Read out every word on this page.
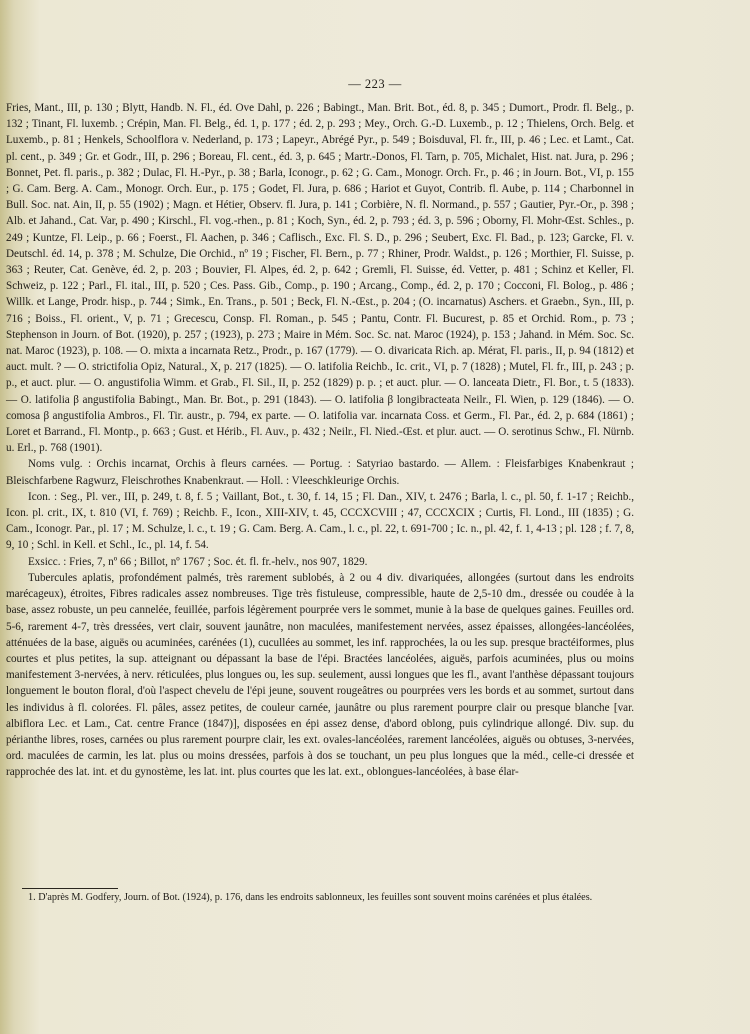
— 223 —

Fries, Mant., III, p. 130 ; Blytt, Handb. N. Fl., éd. Ove Dahl, p. 226 ; Babingt., Man. Brit. Bot., éd. 8, p. 345 ; Dumort., Prodr. fl. Belg., p. 132 ; Tinant, Fl. luxemb. ; Crépin, Man. Fl. Belg., éd. 1, p. 177 ; éd. 2, p. 293 ; Mey., Orch. G.-D. Luxemb., p. 12 ; Thielens, Orch. Belg. et Luxemb., p. 81 ; Henkels, Schoolflora v. Nederland, p. 173 ; Lapeyr., Abrégé Pyr., p. 549 ; Boisduval, Fl. fr., III, p. 46 ; Lec. et Lamt., Cat. pl. cent., p. 349 ; Gr. et Godr., III, p. 296 ; Boreau, Fl. cent., éd. 3, p. 645 ; Martr.-Donos, Fl. Tarn, p. 705, Michalet, Hist. nat. Jura, p. 296 ; Bonnet, Pet. fl. paris., p. 382 ; Dulac, Fl. H.-Pyr., p. 38 ; Barla, Iconogr., p. 62 ; G. Cam., Monogr. Orch. Fr., p. 46 ; in Journ. Bot., VI, p. 155 ; G. Cam. Berg. A. Cam., Monogr. Orch. Eur., p. 175 ; Godet, Fl. Jura, p. 686 ; Hariot et Guyot, Contrib. fl. Aube, p. 114 ; Charbonnel in Bull. Soc. nat. Ain, II, p. 55 (1902) ; Magn. et Hétier, Observ. fl. Jura, p. 141 ; Corbière, N. fl. Normand., p. 557 ; Gautier, Pyr.-Or., p. 398 ; Alb. et Jahand., Cat. Var, p. 490 ; Kirschl., Fl. vog.-rhen., p. 81 ; Koch, Syn., éd. 2, p. 793 ; éd. 3, p. 596 ; Oborny, Fl. Mohr-Œst. Schles., p. 249 ; Kuntze, Fl. Leip., p. 66 ; Foerst., Fl. Aachen, p. 346 ; Caflisch., Exc. Fl. S. D., p. 296 ; Seubert, Exc. Fl. Bad., p. 123; Garcke, Fl. v. Deutschl. éd. 14, p. 378 ; M. Schulze, Die Orchid., nº 19 ; Fischer, Fl. Bern., p. 77 ; Rhiner, Prodr. Waldst., p. 126 ; Morthier, Fl. Suisse, p. 363 ; Reuter, Cat. Genève, éd. 2, p. 203 ; Bouvier, Fl. Alpes, éd. 2, p. 642 ; Gremli, Fl. Suisse, éd. Vetter, p. 481 ; Schinz et Keller, Fl. Schweiz, p. 122 ; Parl., Fl. ital., III, p. 520 ; Ces. Pass. Gib., Comp., p. 190 ; Arcang., Comp., éd. 2, p. 170 ; Cocconi, Fl. Bolog., p. 486 ; Willk. et Lange, Prodr. hisp., p. 744 ; Simk., En. Trans., p. 501 ; Beck, Fl. N.-Œst., p. 204 ; (O. incarnatus) Aschers. et Graebn., Syn., III, p. 716 ; Boiss., Fl. orient., V, p. 71 ; Grecescu, Consp. Fl. Roman., p. 545 ; Pantu, Contr. Fl. Bucurest, p. 85 et Orchid. Rom., p. 73 ; Stephenson in Journ. of Bot. (1920), p. 257 ; (1923), p. 273 ; Maire in Mém. Soc. Sc. nat. Maroc (1924), p. 153 ; Jahand. in Mém. Soc. Sc. nat. Maroc (1923), p. 108. — O. mixta a incarnata Retz., Prodr., p. 167 (1779). — O. divaricata Rich. ap. Mérat, Fl. paris., II, p. 94 (1812) et auct. mult. ? — O. strictifolia Opiz, Natural., X, p. 217 (1825). — O. latifolia Reichb., Ic. crit., VI, p. 7 (1828) ; Mutel, Fl. fr., III, p. 243 ; p. p., et auct. plur. — O. angustifolia Wimm. et Grab., Fl. Sil., II, p. 252 (1829) p. p. ; et auct. plur. — O. lanceata Dietr., Fl. Bor., t. 5 (1833). — O. latifolia β angustifolia Babingt., Man. Br. Bot., p. 291 (1843). — O. latifolia β longibracteata Neilr., Fl. Wien, p. 129 (1846). — O. comosa β angustifolia Ambros., Fl. Tir. austr., p. 794, ex parte. — O. latifolia var. incarnata Coss. et Germ., Fl. Par., éd. 2, p. 684 (1861) ; Loret et Barrand., Fl. Montp., p. 663 ; Gust. et Hérib., Fl. Auv., p. 432 ; Neilr., Fl. Nied.-Œst. et plur. auct. — O. serotinus Schw., Fl. Nürnb. u. Erl., p. 768 (1901).

Noms vulg. : Orchis incarnat, Orchis à fleurs carnées. — Portug. : Satyriao bastardo. — Allem. : Fleisfarbiges Knabenkraut ; Bleischfarbene Ragwurz, Fleischrothes Knabenkraut. — Holl. : Vleeschkleurige Orchis.

Icon. : Seg., Pl. ver., III, p. 249, t. 8, f. 5 ; Vaillant, Bot., t. 30, f. 14, 15 ; Fl. Dan., XIV, t. 2476 ; Barla, l. c., pl. 50, f. 1-17 ; Reichb., Icon. pl. crit., IX, t. 810 (VI, f. 769) ; Reichb. F., Icon., XIII-XIV, t. 45, CCCXCVIII ; 47, CCCXCIX ; Curtis, Fl. Lond., III (1835) ; G. Cam., Iconogr. Par., pl. 17 ; M. Schulze, l. c., t. 19 ; G. Cam. Berg. A. Cam., l. c., pl. 22, t. 691-700 ; Ic. n., pl. 42, f. 1, 4-13 ; pl. 128 ; f. 7, 8, 9, 10 ; Schl. in Kell. et Schl., Ic., pl. 14, f. 54.

Exsicc. : Fries, 7, nº 66 ; Billot, nº 1767 ; Soc. ét. fl. fr.-helv., nos 907, 1829.

Tubercules aplatis, profondément palmés, très rarement sublobés, à 2 ou 4 div. divariquées, allongées (surtout dans les endroits marécageux), étroites, Fibres radicales assez nombreuses. Tige très fistuleuse, compressible, haute de 2,5-10 dm., dressée ou coudée à la base, assez robuste, un peu cannelée, feuillée, parfois légèrement pourprée vers le sommet, munie à la base de quelques gaines. Feuilles ord. 5-6, rarement 4-7, très dressées, vert clair, souvent jaunâtre, non maculées, manifestement nervées, assez épaisses, allongées-lancéolées, atténuées de la base, aiguës ou acuminées, carénées (1), cucullées au sommet, les inf. rapprochées, la ou les sup. presque bractéiformes, plus courtes et plus petites, la sup. atteignant ou dépassant la base de l'épi. Bractées lancéolées, aiguës, parfois acuminées, plus ou moins manifestement 3-nervées, à nerv. réticulées, plus longues ou, les sup. seulement, aussi longues que les fl., avant l'anthèse dépassant toujours longuement le bouton floral, d'où l'aspect chevelu de l'épi jeune, souvent rougeâtres ou pourprées vers les bords et au sommet, surtout dans les individus à fl. colorées. Fl. pâles, assez petites, de couleur carnée, jaunâtre ou plus rarement pourpre clair ou presque blanche [var. albiflora Lec. et Lam., Cat. centre France (1847)], disposées en épi assez dense, d'abord oblong, puis cylindrique allongé. Div. sup. du périanthe libres, roses, carnées ou plus rarement pourpre clair, les ext. ovales-lancéolées, rarement lancéolées, aiguës ou obtuses, 3-nervées, ord. maculées de carmin, les lat. plus ou moins dressées, parfois à dos se touchant, un peu plus longues que la méd., celle-ci dressée et rapprochée des lat. int. et du gynostème, les lat. int. plus courtes que les lat. ext., oblongues-lancéolées, à base élar-

1. D'après M. Godfery, Journ. of Bot. (1924), p. 176, dans les endroits sablonneux, les feuilles sont souvent moins carénées et plus étalées.
